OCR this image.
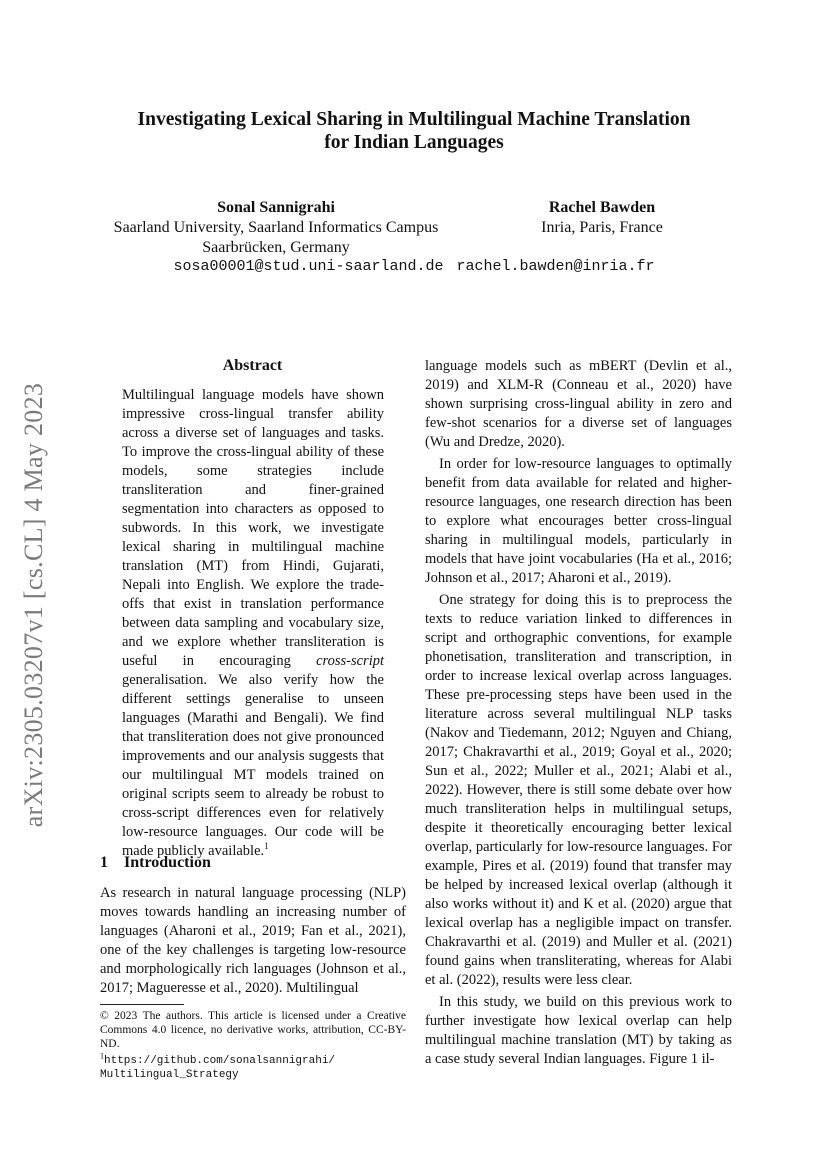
arXiv:2305.03207v1 [cs.CL] 4 May 2023
Investigating Lexical Sharing in Multilingual Machine Translation
for Indian Languages
Sonal Sannigrahi
Saarland University, Saarland Informatics Campus
Saarbrücken, Germany
Rachel Bawden
Inria, Paris, France
sosa00001@stud.uni-saarland.de rachel.bawden@inria.fr
Abstract

Multilingual language models have shown impressive cross-lingual transfer ability across a diverse set of languages and tasks. To improve the cross-lingual ability of these models, some strategies include transliteration and finer-grained segmentation into characters as opposed to subwords. In this work, we investigate lexical sharing in multilingual machine translation (MT) from Hindi, Gujarati, Nepali into English. We explore the trade-offs that exist in translation performance between data sampling and vocabulary size, and we explore whether transliteration is useful in encouraging cross-script generalisation. We also verify how the different settings generalise to unseen languages (Marathi and Bengali). We find that transliteration does not give pronounced improvements and our analysis suggests that our multilingual MT models trained on original scripts seem to already be robust to cross-script differences even for relatively low-resource languages. Our code will be made publicly available.$^1$

1 Introduction

As research in natural language processing (NLP) moves towards handling an increasing number of languages (Aharoni et al., 2019; Fan et al., 2021), one of the key challenges is targeting low-resource and morphologically rich languages (Johnson et al., 2017; Magueresse et al., 2020). Multilingual

© 2023 The authors. This article is licensed under a Creative Commons 4.0 licence, no derivative works, attribution, CC-BY-ND.

$^1$https://github.com/sonalsannigrahi/
Multilingual_Strategy

language models such as mBERT (Devlin et al., 2019) and XLM-R (Conneau et al., 2020) have shown surprising cross-lingual ability in zero and few-shot scenarios for a diverse set of languages (Wu and Dredze, 2020).

In order for low-resource languages to optimally benefit from data available for related and higher-resource languages, one research direction has been to explore what encourages better cross-lingual sharing in multilingual models, particularly in models that have joint vocabularies (Ha et al., 2016; Johnson et al., 2017; Aharoni et al., 2019).

One strategy for doing this is to preprocess the texts to reduce variation linked to differences in script and orthographic conventions, for example phonetisation, transliteration and transcription, in order to increase lexical overlap across languages. These pre-processing steps have been used in the literature across several multilingual NLP tasks (Nakov and Tiedemann, 2012; Nguyen and Chiang, 2017; Chakravarthi et al., 2019; Goyal et al., 2020; Sun et al., 2022; Muller et al., 2021; Alabi et al., 2022). However, there is still some debate over how much transliteration helps in multilingual setups, despite it theoretically encouraging better lexical overlap, particularly for low-resource languages. For example, Pires et al. (2019) found that transfer may be helped by increased lexical overlap (although it also works without it) and K et al. (2020) argue that lexical overlap has a negligible impact on transfer. Chakravarthi et al. (2019) and Muller et al. (2021) found gains when transliterating, whereas for Alabi et al. (2022), results were less clear.

In this study, we build on this previous work to further investigate how lexical overlap can help multilingual machine translation (MT) by taking as a case study several Indian languages. Figure 1 il-
